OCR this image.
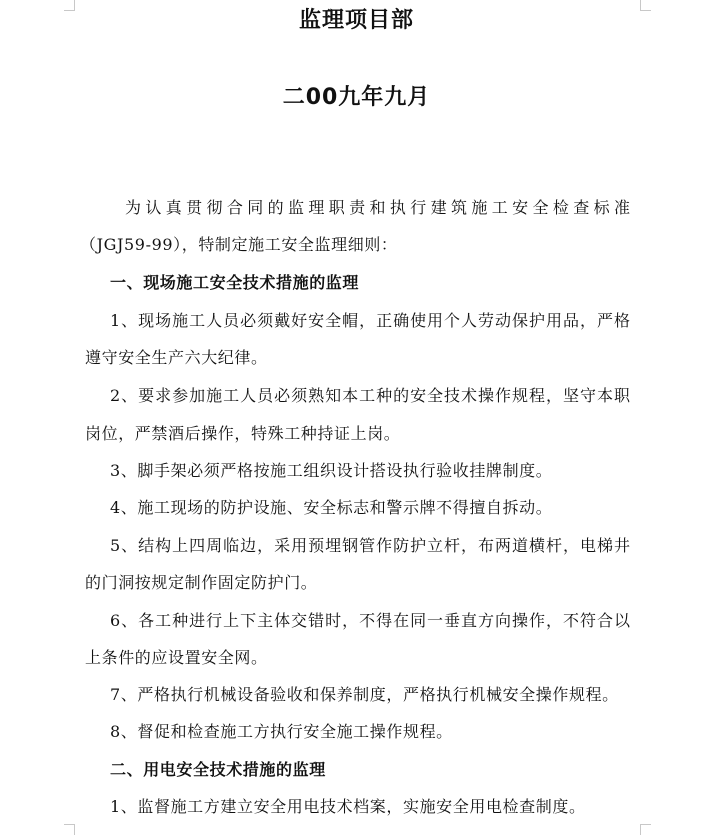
监理项目部
二00九年九月
为认真贯彻合同的监理职责和执行建筑施工安全检查标准
（JGJ59-99），特制定施工安全监理细则：
一、现场施工安全技术措施的监理
1、现场施工人员必须戴好安全帽，正确使用个人劳动保护用品，严格
遵守安全生产六大纪律。
2、要求参加施工人员必须熟知本工种的安全技术操作规程，坚守本职
岗位，严禁酒后操作，特殊工种持证上岗。
3、脚手架必须严格按施工组织设计搭设执行验收挂牌制度。
4、施工现场的防护设施、安全标志和警示牌不得擅自拆动。
5、结构上四周临边，采用预埋钢管作防护立杆，布两道横杆，电梯井
的门洞按规定制作固定防护门。
6、各工种进行上下主体交错时，不得在同一垂直方向操作，不符合以
上条件的应设置安全网。
7、严格执行机械设备验收和保养制度，严格执行机械安全操作规程。
8、督促和检查施工方执行安全施工操作规程。
二、用电安全技术措施的监理
1、监督施工方建立安全用电技术档案，实施安全用电检查制度。
